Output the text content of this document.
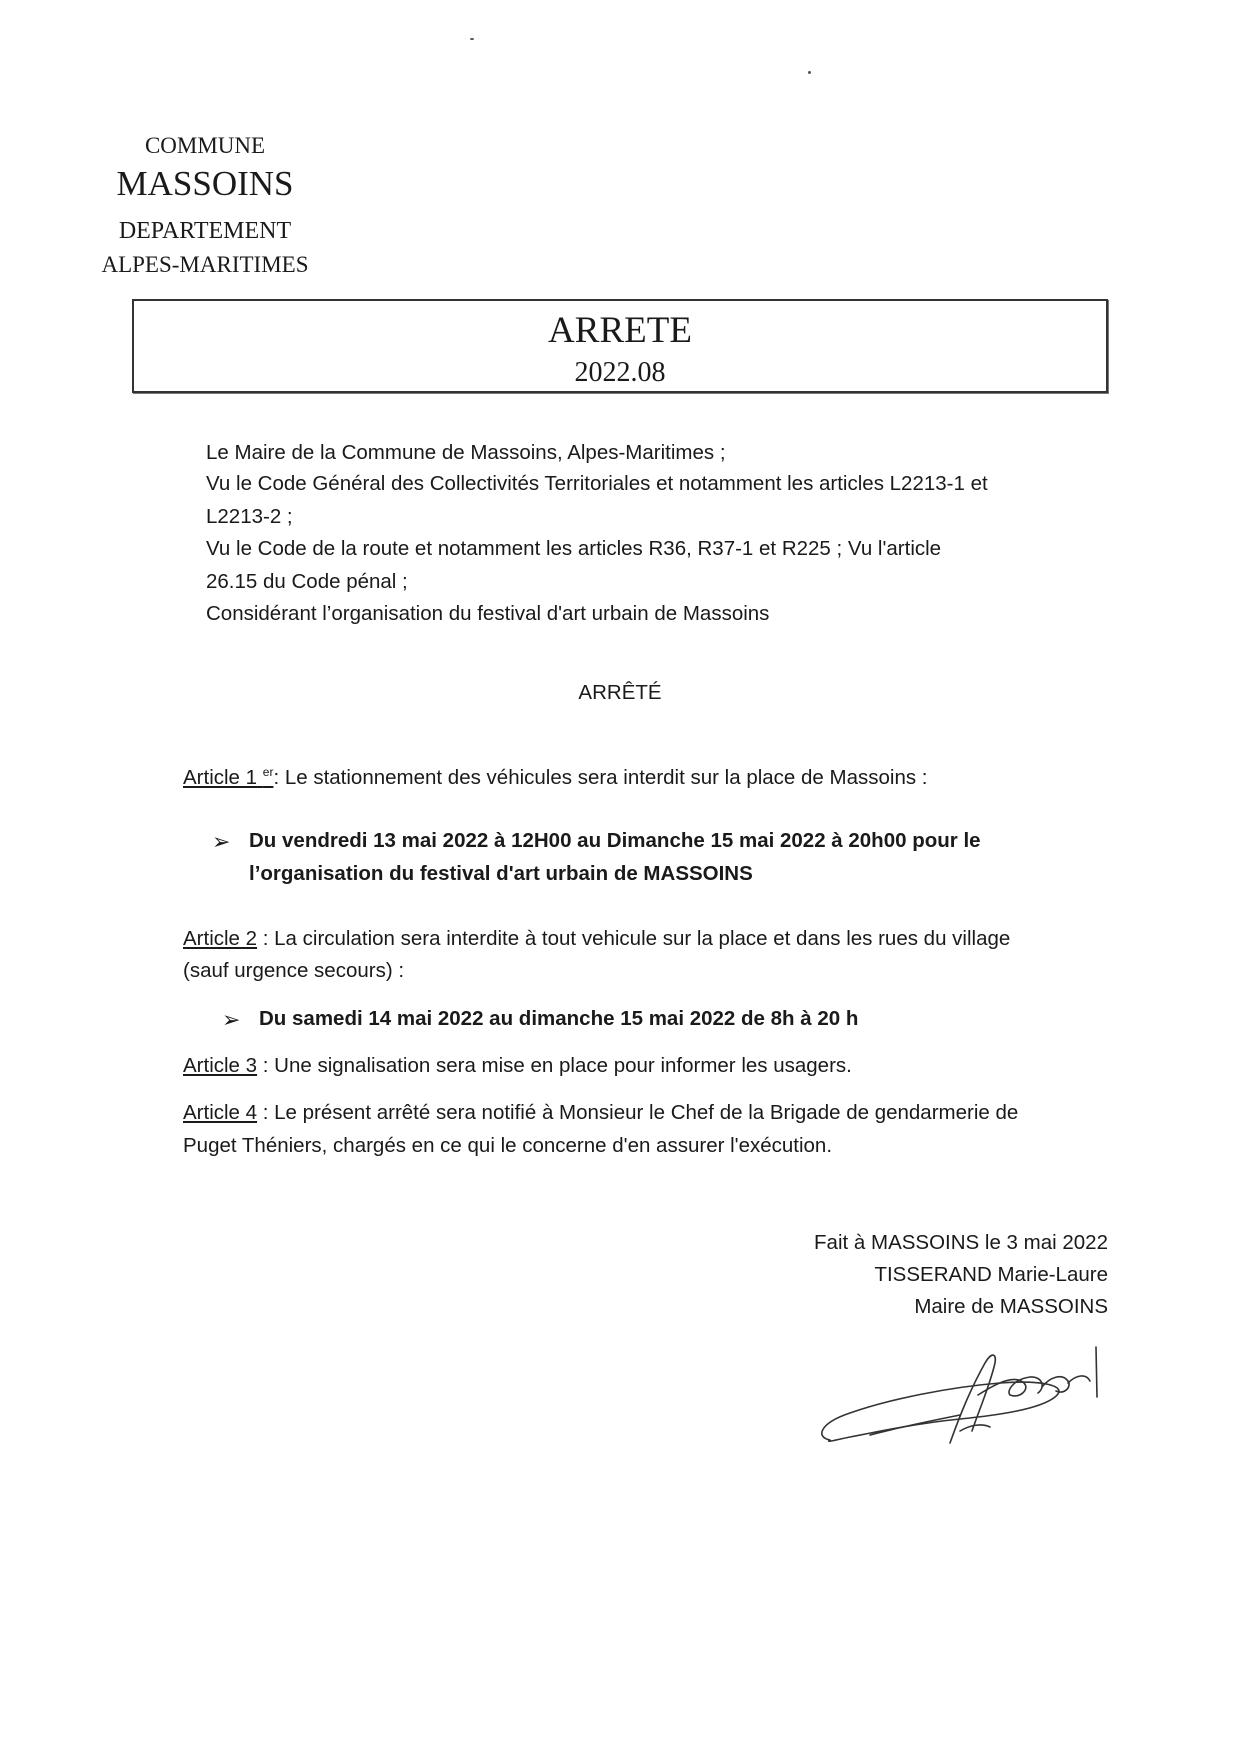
COMMUNE
MASSOINS
DEPARTEMENT
ALPES-MARITIMES
ARRETE
2022.08
Le Maire de la Commune de Massoins, Alpes-Maritimes ;
Vu le Code Général des Collectivités Territoriales et notamment les articles L2213-1 et
L2213-2 ;
Vu le Code de la route et notamment les articles R36, R37-1 et R225 ; Vu l'article
26.15 du Code pénal ;
Considérant l’organisation du festival d'art urbain de Massoins
ARRÊTÉ
Article 1 $^{er}$: Le stationnement des véhicules sera interdit sur la place de Massoins :
➢ Du vendredi 13 mai 2022 à 12H00 au Dimanche 15 mai 2022 à 20h00 pour le
l’organisation du festival d'art urbain de MASSOINS
Article 2 : La circulation sera interdite à tout vehicule sur la place et dans les rues du village
(sauf urgence secours) :
➢ Du samedi 14 mai 2022 au dimanche 15 mai 2022 de 8h à 20 h
Article 3 : Une signalisation sera mise en place pour informer les usagers.
Article 4 : Le présent arrêté sera notifié à Monsieur le Chef de la Brigade de gendarmerie de
Puget Théniers, chargés en ce qui le concerne d'en assurer l'exécution.
Fait à MASSOINS le 3 mai 2022
TISSERAND Marie-Laure
Maire de MASSOINS
